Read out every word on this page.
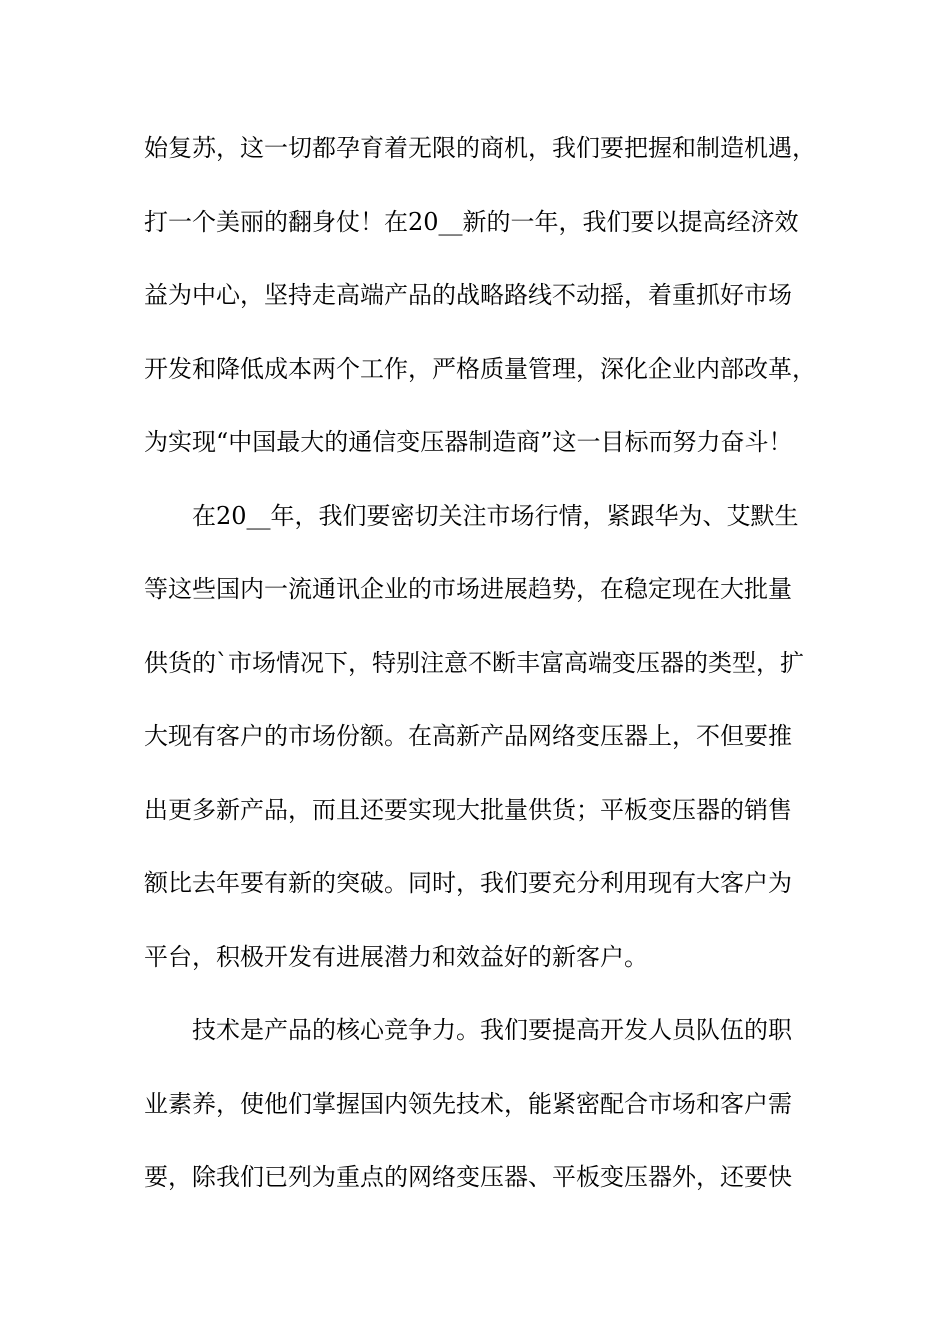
始复苏，这一切都孕育着无限的商机，我们要把握和制造机遇，
打一个美丽的翻身仗！在20__新的一年，我们要以提高经济效
益为中心，坚持走高端产品的战略路线不动摇，着重抓好市场
开发和降低成本两个工作，严格质量管理，深化企业内部改革，
为实现“中国最大的通信变压器制造商”这一目标而努力奋斗！
　　在20__年，我们要密切关注市场行情，紧跟华为、艾默生
等这些国内一流通讯企业的市场进展趋势，在稳定现在大批量
供货的`市场情况下，特别注意不断丰富高端变压器的类型，扩
大现有客户的市场份额。在高新产品网络变压器上，不但要推
出更多新产品，而且还要实现大批量供货；平板变压器的销售
额比去年要有新的突破。同时，我们要充分利用现有大客户为
平台，积极开发有进展潜力和效益好的新客户。
　　技术是产品的核心竞争力。我们要提高开发人员队伍的职
业素养，使他们掌握国内领先技术，能紧密配合市场和客户需
要，除我们已列为重点的网络变压器、平板变压器外，还要快
